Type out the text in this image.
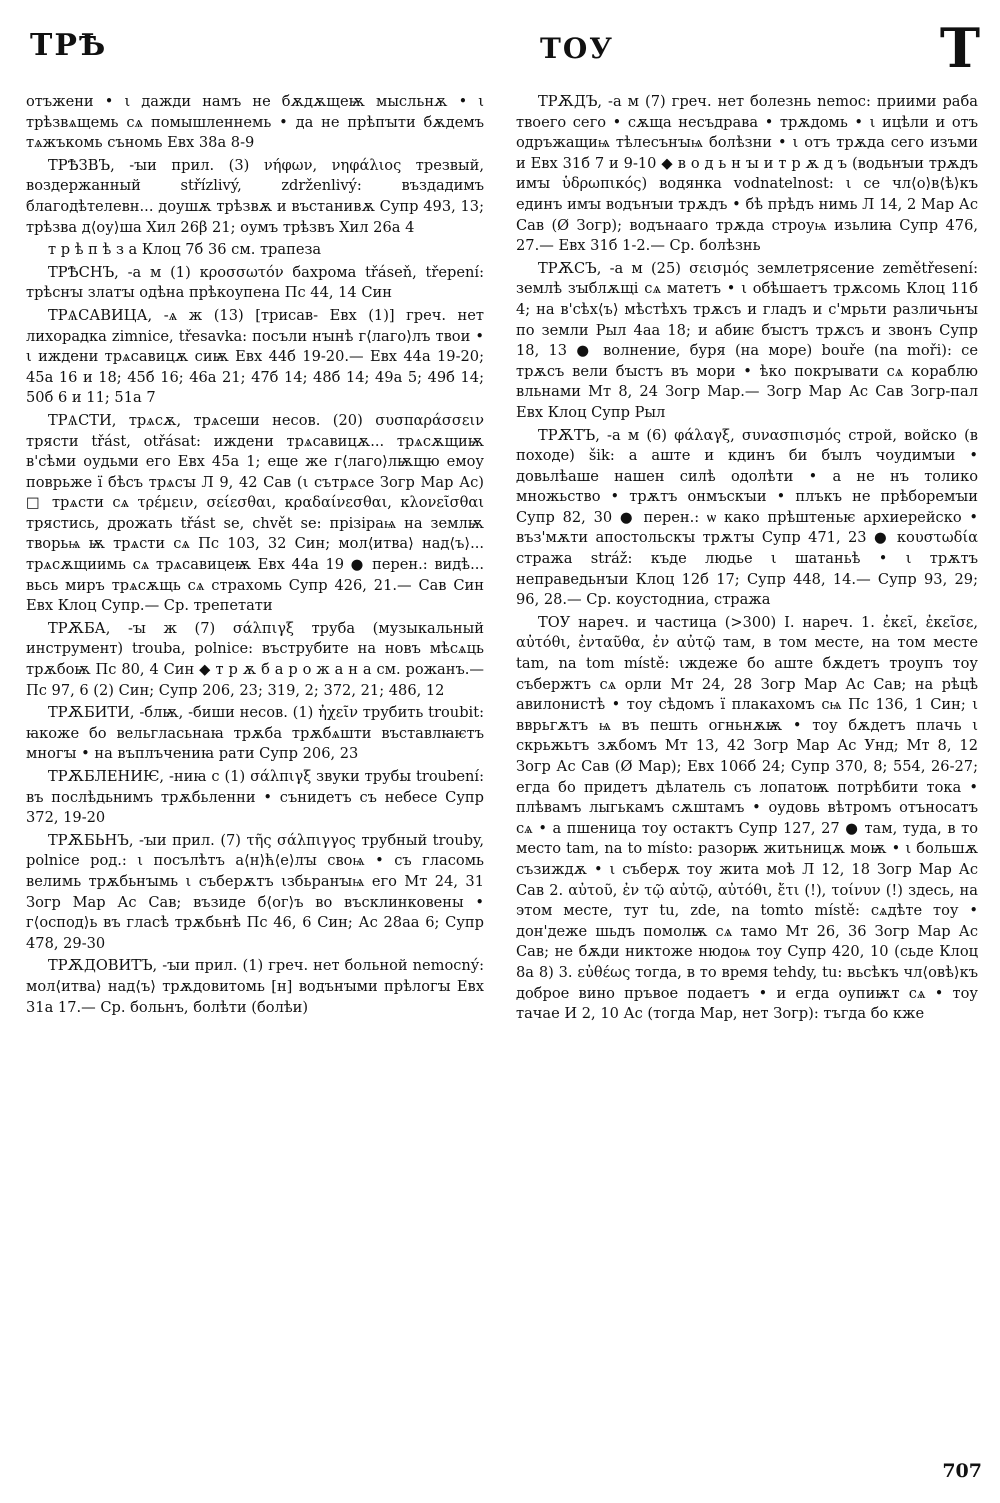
ТРѢ	ТОУ	Т

отъжени • ι дажди намъ не бѫдѫщеѭ мысльнѫ • ι трѣзвѧщемь сѧ помышленнемь • да не прѣпꙑти бѫдемъ тѧжъкомь съномь Евх 38а 8-9

ТРѢЗВЪ, -ꙑи прил. (3) νήφων, νηφάλιος трезвый, воздержанный střízlivý, zdrženlivý: въздадимъ благодѣтелевн... доушѫ трѣзвѫ и въстанивѫ Супр 493, 13; трѣзва д⟨оу⟩ша Хил 26β 21; оумъ трѣзвъ Хил 26а 4

т р ѣ п ѣ з а Клоц 7б 36 см. трапеза

ТРѢСНЪ, -а м (1) κροσσωτόν бахрома třásеň, třepení: трѣснꙑ златꙑ одѣна прѣкоупена Пс 44, 14 Син

ТРѦСАВИЦА, -ѧ ж (13) [трисав- Евх (1)] греч. нет лихорадка zimnice, třesavka: посъли нꙑнѣ г⟨лаго⟩лъ твои • ι иждени трѧсавицѫ сиѭ Евх 44б 19-20.— Евх 44а 19-20; 45а 16 и 18; 45б 16; 46а 21; 47б 14; 48б 14; 49а 5; 49б 14; 50б 6 и 11; 51а 7

ТРѦСТИ, трѧсѫ, трѧсеши несов. (20) συσπαράσσειν трясти třást, otřásat: иждени трѧсавицѫ... трѧсѫщиѭ в'сѣми оудьми его Евх 45а 1; еще же г⟨лаго⟩лѭщю емоу поврьже ї бѣсъ трѧсꙑ Л 9, 42 Сав (ι сътрѧсе Зогр Мар Ас) □ трѧсти сѧ τρέμειν, σείεσθαι, κραδαίνεσθαι, κλονεῖσθαι трястись, дрожать třást se, chvět se: прізіраѩ на землѭ творьѩ ѭ трѧсти сѧ Пс 103, 32 Син; мол⟨итва⟩ над⟨ъ⟩... трѧсѫщиимь сѧ трѧсавицеѭ Евх 44а 19 ● перен.: видѣ... вьсь миръ трѧсѫщь сѧ страхомь Супр 426, 21.— Сав Син Евх Клоц Супр.— Ср. трепетати

ТРѪБА, -ꙑ ж (7) σάλπιγξ труба (музыкальный инструмент) trouba, polnice: въструбите на новъ мѣсѧць трѫбоѭ Пс 80, 4 Син ◆ т р ѫ б а р о ж а н а см. рожанъ.— Пс 97, 6 (2) Син; Супр 206, 23; 319, 2; 372, 21; 486, 12

ТРѪБИТИ, -блѭ, -биши несов. (1) ἠχεῖν трубить troubit: ꙗкоже бо вельгласьнаꙗ трѫба трѫбѧшти въставлꙗѥтъ многꙑ • на въплъчениꙗ рати Супр 206, 23

ТРѪБЛЕНИѤ, -ниꙗ с (1) σάλπιγξ звуки трубы troubení: въ послѣдьнимъ трѫбьленни • сънидетъ съ небесе Супр 372, 19-20

ТРѪБЬНЪ, -ꙑи прил. (7) τῆς σάλπιγγος трубный trouby, polnice род.: ι посълѣтъ а⟨н⟩ћ⟨е⟩лꙑ своѩ • съ гласомь велимь трѫбьнꙑмь ι съберѫтъ ιзбьранꙑѩ его Мт 24, 31 Зогр Мар Ас Сав; възиде б⟨ог⟩ъ во въсклинковены • г⟨оспод⟩ь въ гласѣ трѫбьнѣ Пс 46, 6 Син; Ас 28аа 6; Супр 478, 29-30

ТРѪДОВИТЪ, -ꙑи прил. (1) греч. нет больной nemocný: мол⟨итва⟩ над⟨ъ⟩ трѫдовитомь [н] водънꙑми прѣлогꙑ Евх 31а 17.— Ср. больнъ, болѣти (болѣи)

ТРѪДЪ, -а м (7) греч. нет болезнь nemoc: приими раба твоего сего • сѫща несъдрава • трѫдомь • ι ицѣли и отъ одръжащиѩ тѣлесънꙑѩ болѣзни • ι отъ трѫда сего изъми и Евх 31б 7 и 9-10 ◆ в о д ь н ꙑ и т р ѫ д ъ (водьнꙑи трѫдъ имꙑ ὑδρωπικός) водянка vodnatelnost: ι се чл⟨о⟩в⟨ѣ⟩къ единъ имꙑ водънꙑи трѫдъ • бѣ прѣдъ нимь Л 14, 2 Мар Ас Сав (Ø Зогр); водънааго трѫда строуѩ изьлиꙗ Супр 476, 27.— Евх 31б 1-2.— Ср. болѣзнь

ТРѪСЪ, -а м (25) σεισμός землетрясение zemětřesení: землѣ зꙑблѫщі сѧ матетъ • ι обѣшаетъ трѫсомь Клоц 11б 4; на в'сѣх⟨ъ⟩ мѣстѣхъ трѫсъ и гладъ и с'мрьти различьнꙑ по земли Рыл 4аа 18; и абиѥ бꙑстъ трѫсъ и звонъ Супр 18, 13 ● волнение, буря (на море) bouře (na moři): се трѫсъ вели бꙑстъ въ мори • ѣко покрꙑвати сѧ кораблю вльнами Мт 8, 24 Зогр Мар.— Зогр Мар Ас Сав Зогр-пал Евх Клоц Супр Рыл

ТРѪТЪ, -а м (6) φάλαγξ, συνασπισμός строй, войско (в походе) šik: а аште и кдинъ би бꙑлъ чоудимꙑи • довьлѣаше нашен силѣ одолѣти • а не нъ толико множьство • трѫтъ онмъскꙑи • плъкъ не прѣборемꙑи Супр 82, 30 ● перен.: ѡ како прѣштеньѥ архиерейско • въз'мѫти апостольскꙑ трѫтꙑ Супр 471, 23 ● κουστωδία стража stráž: къде людье ι шатаньѣ • ι трѫтъ неправедьнꙑи Клоц 12б 17; Супр 448, 14.— Супр 93, 29; 96, 28.— Ср. коустодниа, стража

ТОУ нареч. и частица (>300) I. нареч. 1. ἐκεῖ, ἐκεῖσε, αὐτόθι, ἐνταῦθα, ἐν αὐτῷ там, в том месте, на том месте tam, na tom místě: ιждеже бо аште бѫдетъ троупъ тоу събержтъ сѧ орли Мт 24, 28 Зогр Мар Ас Сав; на рѣцѣ авилонистѣ • тоу сѣдомъ ї плакахомъ сѩ Пс 136, 1 Син; ι вврьгѫтъ ѩ въ пешть огньнѫѭ • тоу бѫдетъ плачь ι скрьжьтъ зѫбомъ Мт 13, 42 Зогр Мар Ас Унд; Мт 8, 12 Зогр Ас Сав (Ø Мар); Евх 106б 24; Супр 370, 8; 554, 26-27; егда бо придетъ дѣлатель съ лопатоѭ потрѣбити тока • плѣвамъ лыгькамъ сѫштамъ • оудовь вѣтромъ отъносатъ сѧ • а пшеница тоу остактъ Супр 127, 27 ● там, туда, в то место tam, na to místo: разорѭ житьницѫ моѭ • ι большѫ съзиждѫ • ι съберѫ тоу жита моѣ Л 12, 18 Зогр Мар Ас Сав 2. αὐτοῦ, ἐν τῷ αὐτῷ, αὐτόθι, ἔτι (!), τοίνυν (!) здесь, на этом месте, тут tu, zde, na tomto místě: сѧдѣте тоу • дон'деже шьдъ помолѭ сѧ тамо Мт 26, 36 Зогр Мар Ас Сав; не бѫди никтоже нюдоѩ тоу Супр 420, 10 (сьде Клоц 8а 8) 3. εὐθέως тогда, в то время tehdy, tu: вьсѣкъ чл⟨овѣ⟩къ доброе вино пръвое подаетъ • и егда оупиѭт сѧ • тоу тачае И 2, 10 Ас (тогда Мар, нет Зогр): тъгда бо кже

707
